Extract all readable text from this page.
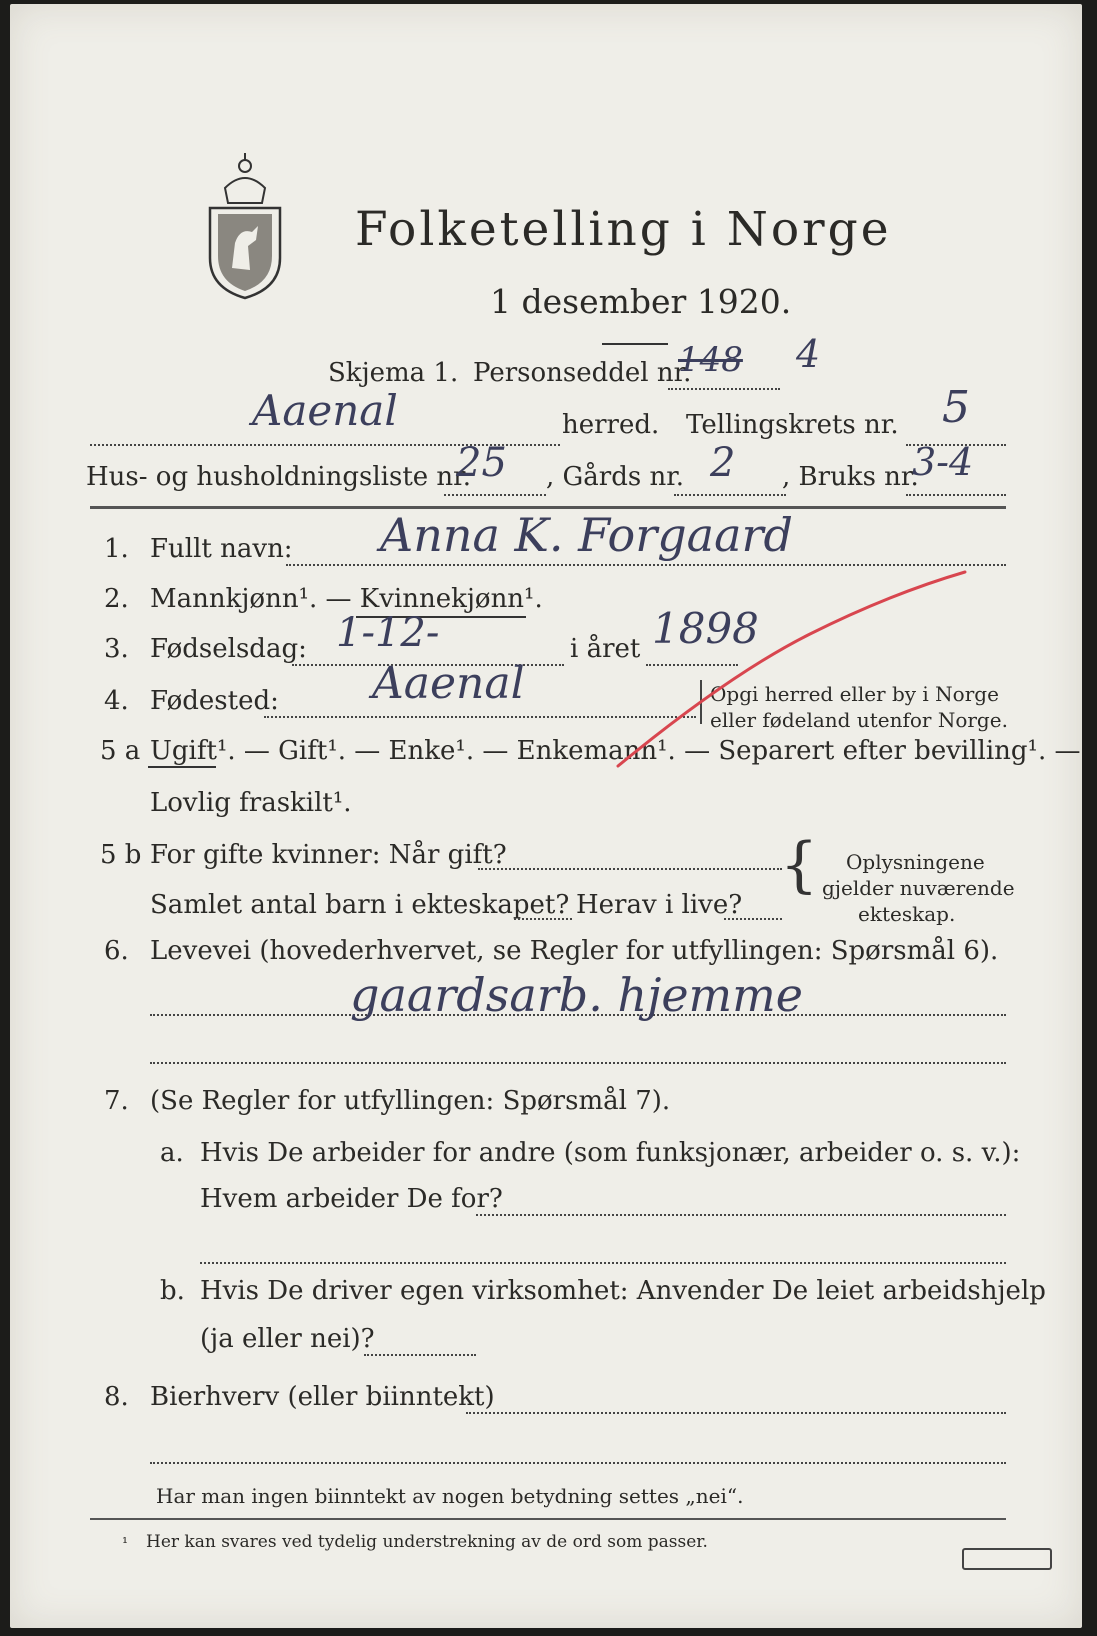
Folketelling i Norge
1 desember 1920.
Skjema 1. Personseddel nr.
148 4
Aaenal	herred. Tellingskrets nr. 5
Hus- og husholdningsliste nr.
25 , Gårds nr. 2 , Bruks nr.
3-4
1. Fullt navn: Anna K. Forgaard
2. Mannkjønn¹. — Kvinnekjønn¹.
3. Fødselsdag: 1-12-	i året 1898
4. Fødested: Aaenal	Opgi herred eller by i Norge
eller fødeland utenfor Norge.
5 a Ugift¹. — Gift¹. — Enke¹. — Enkemann¹. — Separert efter bevilling¹. —
Lovlig fraskilt¹.
5 b For gifte kvinner: Når gift?
Samlet antal barn i ekteskapet? Herav i live?
{ Oplysningene
gjelder nuværende
ekteskap.
6. Levevei (hovederhvervet, se Regler for utfyllingen: Spørsmål 6).
gaardsarb. hjemme
7. (Se Regler for utfyllingen: Spørsmål 7).
a. Hvis De arbeider for andre (som funksjonær, arbeider o. s. v.):
Hvem arbeider De for?
b. Hvis De driver egen virksomhet: Anvender De leiet arbeidshjelp
(ja eller nei)?
8. Bierhverv (eller biinntekt)
Har man ingen biinntekt av nogen betydning settes „nei“.
¹ Her kan svares ved tydelig understrekning av de ord som passer.
